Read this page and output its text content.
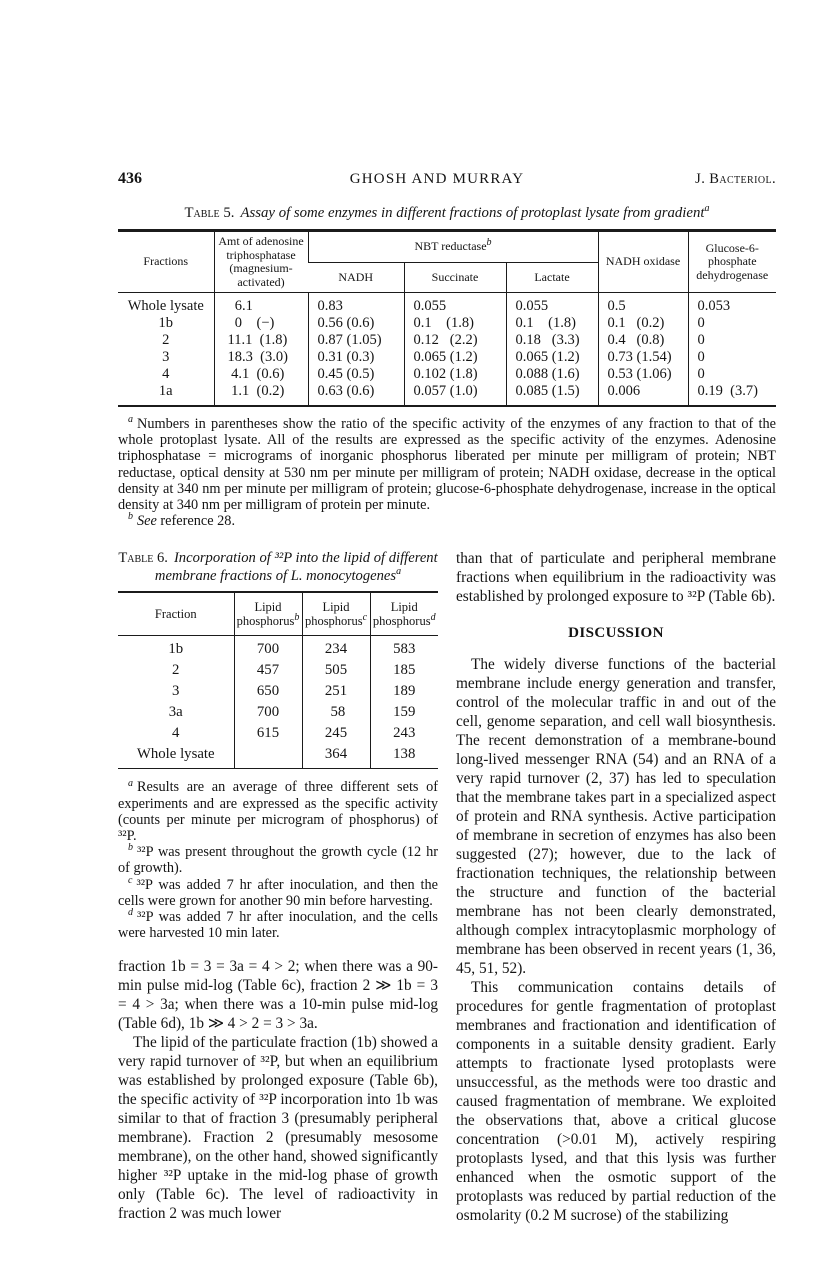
436	GHOSH AND MURRAY	J. Bacteriol.

Table 5. Assay of some enzymes in different fractions of protoplast lysate from gradient$^a$

Fractions	Amt of adenosine triphosphatase (magnesium-activated)	NBT reductase$^b$			NADH oxidase	Glucose-6-phosphate dehydrogenase
		NADH	Succinate	Lactate		
Whole lysate	6.1	0.83	0.055	0.055	0.5	0.053
1b	0    (−)	0.56 (0.6)	0.1    (1.8)	0.1    (1.8)	0.1   (0.2)	0
2	11.1  (1.8)	0.87 (1.05)	0.12   (2.2)	0.18   (3.3)	0.4   (0.8)	0
3	18.3  (3.0)	0.31 (0.3)	0.065 (1.2)	0.065 (1.2)	0.73 (1.54)	0
4	4.1  (0.6)	0.45 (0.5)	0.102 (1.8)	0.088 (1.6)	0.53 (1.06)	0
1a	1.1  (0.2)	0.63 (0.6)	0.057 (1.0)	0.085 (1.5)	0.006	0.19  (3.7)

$^a$ Numbers in parentheses show the ratio of the specific activity of the enzymes of any fraction to that of the whole protoplast lysate. All of the results are expressed as the specific activity of the enzymes. Adenosine triphosphatase = micrograms of inorganic phosphorus liberated per minute per milligram of protein; NBT reductase, optical density at 530 nm per minute per milligram of protein; NADH oxidase, decrease in the optical density at 340 nm per minute per milligram of protein; glucose-6-phosphate dehydrogenase, increase in the optical density at 340 nm per milligram of protein per minute.

$^b$ See reference 28.

Table 6. Incorporation of ³²P into the lipid of different membrane fractions of L. monocytogenes$^a$

Fraction	Lipid phosphorus$^b$	Lipid phosphorus$^c$	Lipid phosphorus$^d$
1b	700	234	583
2	457	505	185
3	650	251	189
3a	700	58	159
4	615	245	243
Whole lysate		364	138

$^a$ Results are an average of three different sets of experiments and are expressed as the specific activity (counts per minute per microgram of phosphorus) of ³²P.

$^b$ ³²P was present throughout the growth cycle (12 hr of growth).

$^c$ ³²P was added 7 hr after inoculation, and then the cells were grown for another 90 min before harvesting.

$^d$ ³²P was added 7 hr after inoculation, and the cells were harvested 10 min later.

fraction 1b = 3 = 3a = 4 > 2; when there was a 90-min pulse mid-log (Table 6c), fraction 2 ≫ 1b = 3 = 4 > 3a; when there was a 10-min pulse mid-log (Table 6d), 1b ≫ 4 > 2 = 3 > 3a.

The lipid of the particulate fraction (1b) showed a very rapid turnover of ³²P, but when an equilibrium was established by prolonged exposure (Table 6b), the specific activity of ³²P incorporation into 1b was similar to that of fraction 3 (presumably peripheral membrane). Fraction 2 (presumably mesosome membrane), on the other hand, showed significantly higher ³²P uptake in the mid-log phase of growth only (Table 6c). The level of radioactivity in fraction 2 was much lower

than that of particulate and peripheral membrane fractions when equilibrium in the radioactivity was established by prolonged exposure to ³²P (Table 6b).

DISCUSSION

The widely diverse functions of the bacterial membrane include energy generation and transfer, control of the molecular traffic in and out of the cell, genome separation, and cell wall biosynthesis. The recent demonstration of a membrane-bound long-lived messenger RNA (54) and an RNA of a very rapid turnover (2, 37) has led to speculation that the membrane takes part in a specialized aspect of protein and RNA synthesis. Active participation of membrane in secretion of enzymes has also been suggested (27); however, due to the lack of fractionation techniques, the relationship between the structure and function of the bacterial membrane has not been clearly demonstrated, although complex intracytoplasmic morphology of membrane has been observed in recent years (1, 36, 45, 51, 52).

This communication contains details of procedures for gentle fragmentation of protoplast membranes and fractionation and identification of components in a suitable density gradient. Early attempts to fractionate lysed protoplasts were unsuccessful, as the methods were too drastic and caused fragmentation of membrane. We exploited the observations that, above a critical glucose concentration (>0.01 M), actively respiring protoplasts lysed, and that this lysis was further enhanced when the osmotic support of the protoplasts was reduced by partial reduction of the osmolarity (0.2 M sucrose) of the stabilizing
